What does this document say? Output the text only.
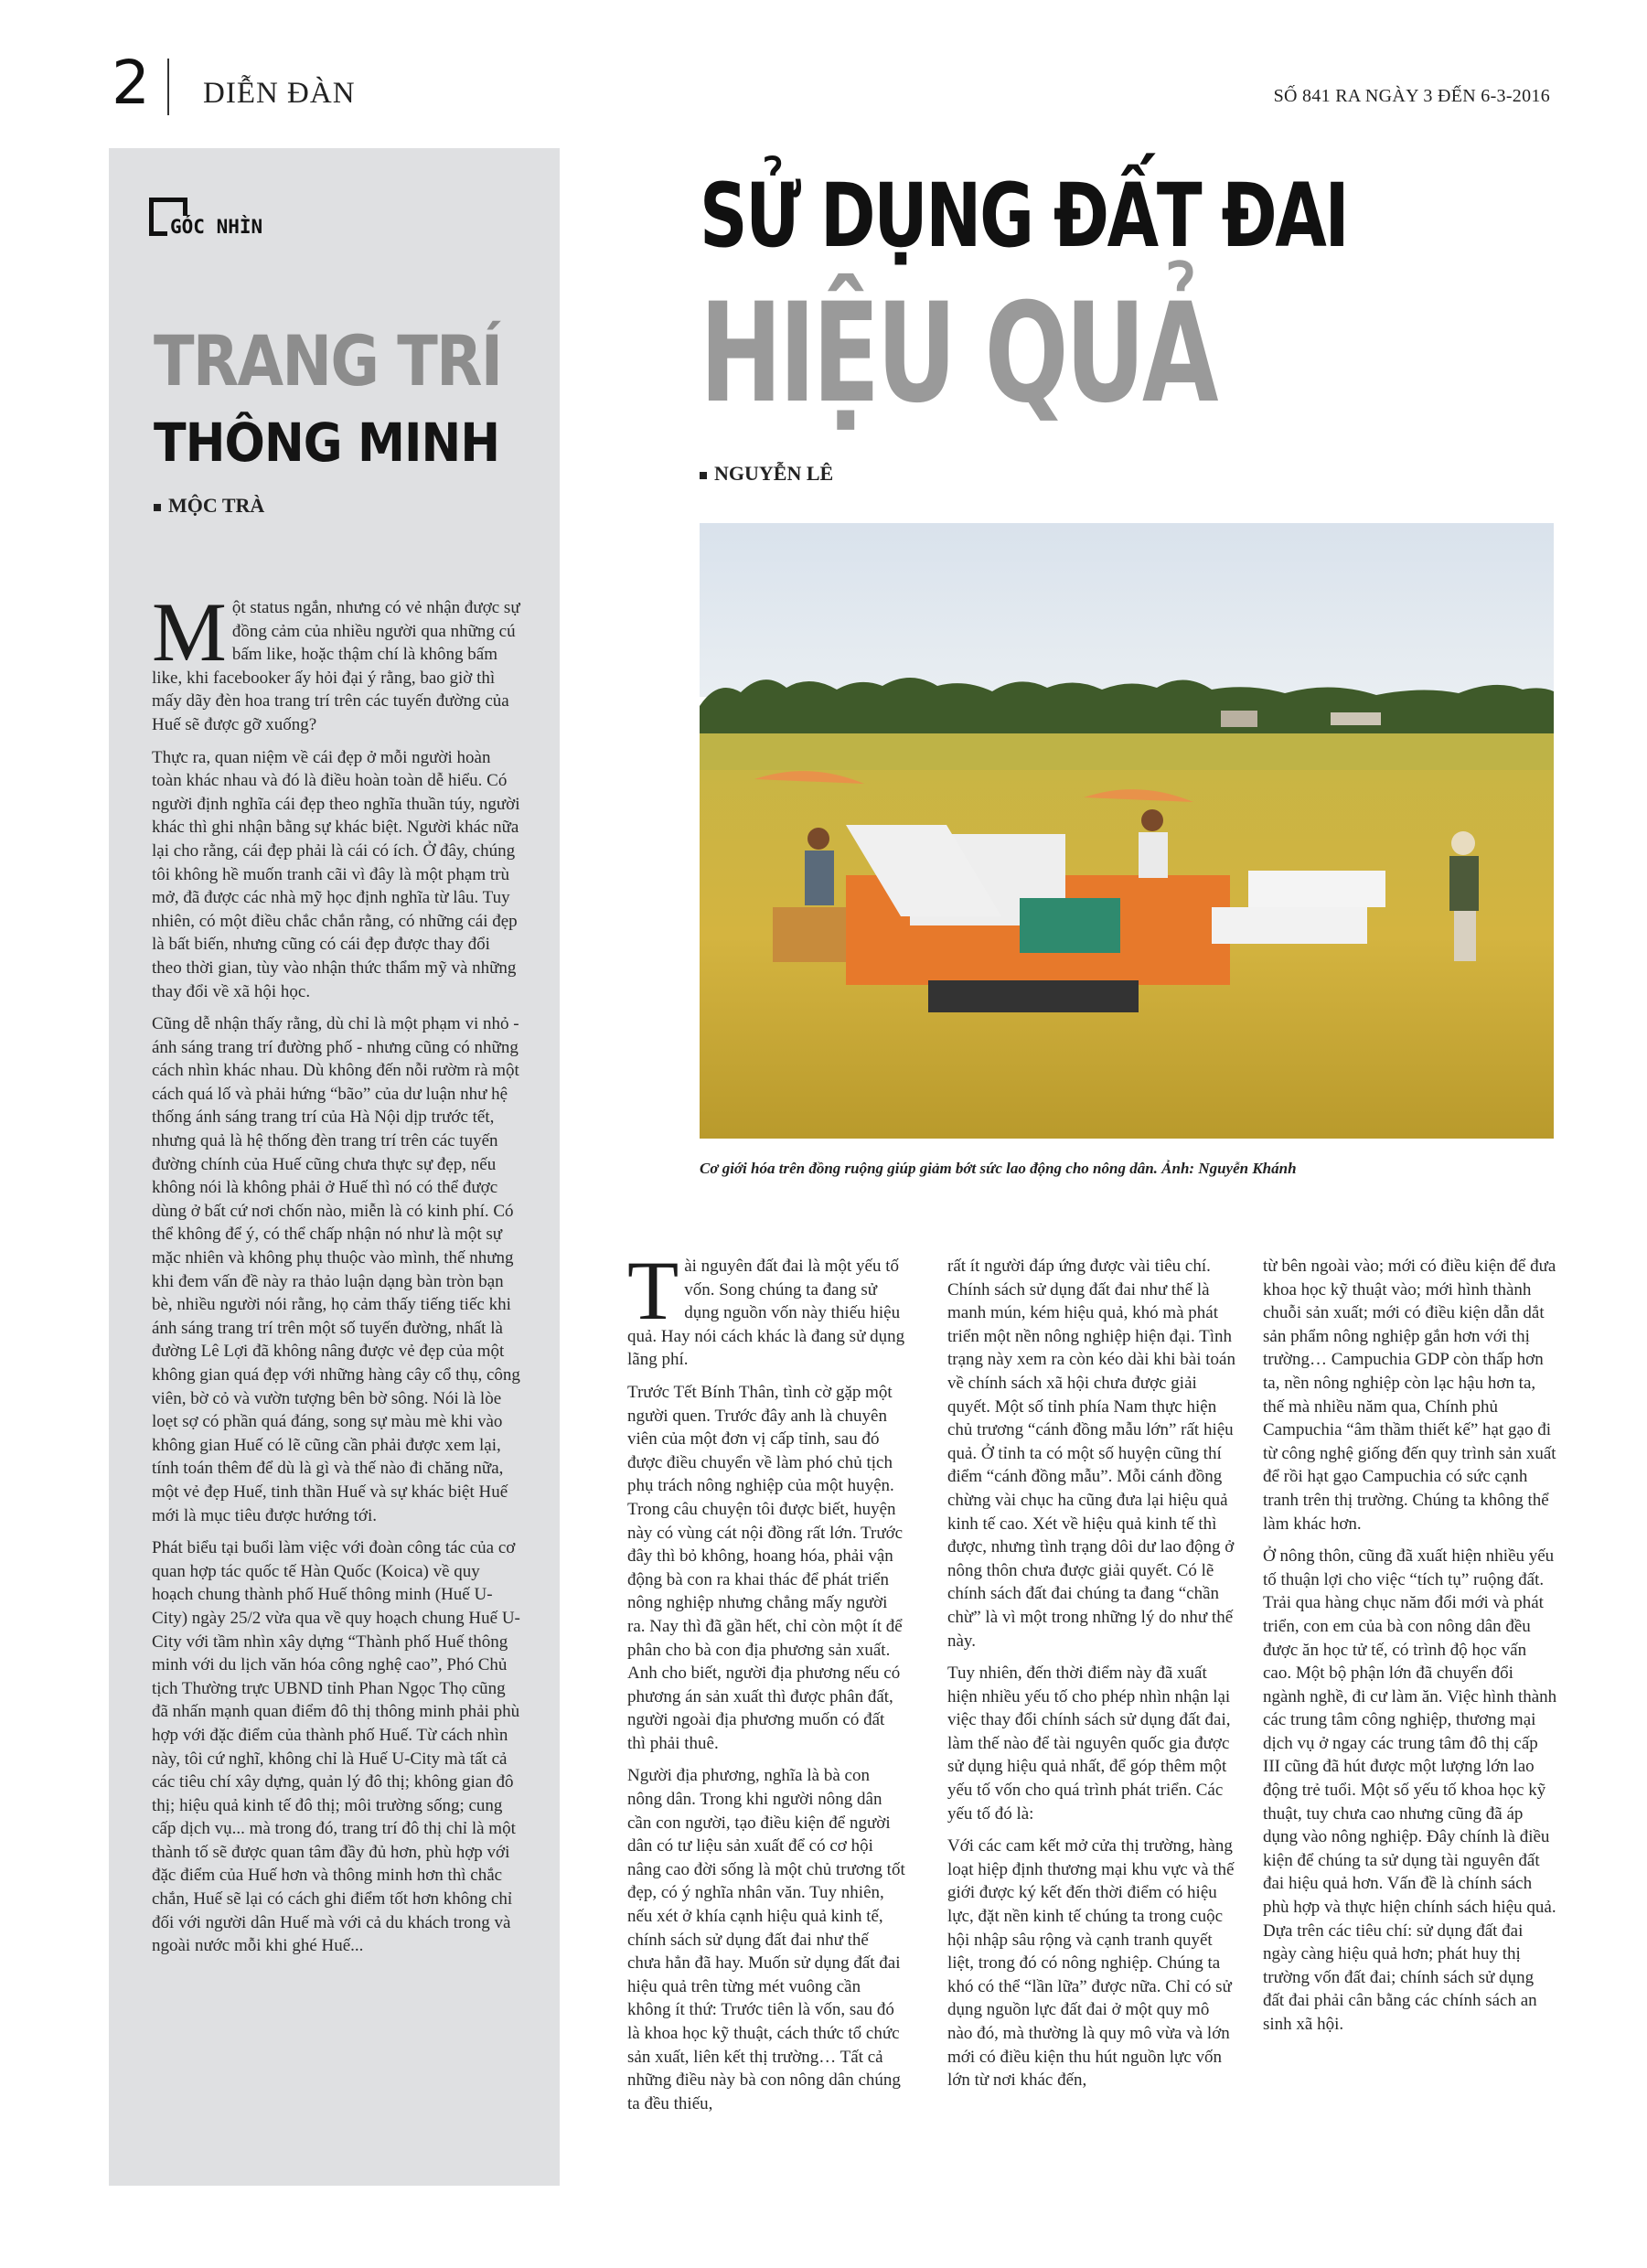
2 DIỄN ĐÀN	SỐ 841 RA NGÀY 3 ĐẾN 6-3-2016
GÓC NHÌN
TRANG TRÍ
THÔNG MINH
MỘC TRÀ

Một status ngắn, nhưng có vẻ nhận được sự đồng cảm của nhiều người qua những cú bấm like, hoặc thậm chí là không bấm like, khi facebooker ấy hỏi đại ý rằng, bao giờ thì mấy dãy đèn hoa trang trí trên các tuyến đường của Huế sẽ được gỡ xuống?

Thực ra, quan niệm về cái đẹp ở mỗi người hoàn toàn khác nhau và đó là điều hoàn toàn dễ hiểu. Có người định nghĩa cái đẹp theo nghĩa thuần túy, người khác thì ghi nhận bằng sự khác biệt. Người khác nữa lại cho rằng, cái đẹp phải là cái có ích. Ở đây, chúng tôi không hề muốn tranh cãi vì đây là một phạm trù mở, đã được các nhà mỹ học định nghĩa từ lâu. Tuy nhiên, có một điều chắc chắn rằng, có những cái đẹp là bất biến, nhưng cũng có cái đẹp được thay đổi theo thời gian, tùy vào nhận thức thẩm mỹ và những thay đổi về xã hội học.

Cũng dễ nhận thấy rằng, dù chỉ là một phạm vi nhỏ - ánh sáng trang trí đường phố - nhưng cũng có những cách nhìn khác nhau. Dù không đến nỗi rườm rà một cách quá lố và phải hứng “bão” của dư luận như hệ thống ánh sáng trang trí của Hà Nội dịp trước tết, nhưng quả là hệ thống đèn trang trí trên các tuyến đường chính của Huế cũng chưa thực sự đẹp, nếu không nói là không phải ở Huế thì nó có thể được dùng ở bất cứ nơi chốn nào, miễn là có kinh phí. Có thể không để ý, có thể chấp nhận nó như là một sự mặc nhiên và không phụ thuộc vào mình, thế nhưng khi đem vấn đề này ra thảo luận dạng bàn tròn bạn bè, nhiều người nói rằng, họ cảm thấy tiếng tiếc khi ánh sáng trang trí trên một số tuyến đường, nhất là đường Lê Lợi đã không nâng được vẻ đẹp của một không gian quá đẹp với những hàng cây cổ thụ, công viên, bờ cỏ và vườn tượng bên bờ sông. Nói là lòe loẹt sợ có phần quá đáng, song sự màu mè khi vào không gian Huế có lẽ cũng cần phải được xem lại, tính toán thêm để dù là gì và thế nào đi chăng nữa, một vẻ đẹp Huế, tinh thần Huế và sự khác biệt Huế mới là mục tiêu được hướng tới.

Phát biểu tại buổi làm việc với đoàn công tác của cơ quan hợp tác quốc tế Hàn Quốc (Koica) về quy hoạch chung thành phố Huế thông minh (Huế U-City) ngày 25/2 vừa qua về quy hoạch chung Huế U-City với tầm nhìn xây dựng “Thành phố Huế thông minh với du lịch văn hóa công nghệ cao”, Phó Chủ tịch Thường trực UBND tỉnh Phan Ngọc Thọ cũng đã nhấn mạnh quan điểm đô thị thông minh phải phù hợp với đặc điểm của thành phố Huế. Từ cách nhìn này, tôi cứ nghĩ, không chỉ là Huế U-City mà tất cả các tiêu chí xây dựng, quản lý đô thị; không gian đô thị; hiệu quả kinh tế đô thị; môi trường sống; cung cấp dịch vụ... mà trong đó, trang trí đô thị chỉ là một thành tố sẽ được quan tâm đầy đủ hơn, phù hợp với đặc điểm của Huế hơn và thông minh hơn thì chắc chắn, Huế sẽ lại có cách ghi điểm tốt hơn không chỉ đối với người dân Huế mà với cả du khách trong và ngoài nước mỗi khi ghé Huế...

SỬ DỤNG ĐẤT ĐAI
HIỆU QUẢ
NGUYỄN LÊ
Cơ giới hóa trên đồng ruộng giúp giảm bớt sức lao động cho nông dân. Ảnh: Nguyễn Khánh

Tài nguyên đất đai là một yếu tố vốn. Song chúng ta đang sử dụng nguồn vốn này thiếu hiệu quả. Hay nói cách khác là đang sử dụng lãng phí.

Trước Tết Bính Thân, tình cờ gặp một người quen. Trước đây anh là chuyên viên của một đơn vị cấp tỉnh, sau đó được điều chuyển về làm phó chủ tịch phụ trách nông nghiệp của một huyện. Trong câu chuyện tôi được biết, huyện này có vùng cát nội đồng rất lớn. Trước đây thì bỏ không, hoang hóa, phải vận động bà con ra khai thác để phát triển nông nghiệp nhưng chẳng mấy người ra. Nay thì đã gần hết, chỉ còn một ít để phân cho bà con địa phương sản xuất. Anh cho biết, người địa phương nếu có phương án sản xuất thì được phân đất, người ngoài địa phương muốn có đất thì phải thuê.

Người địa phương, nghĩa là bà con nông dân. Trong khi người nông dân cần con người, tạo điều kiện để người dân có tư liệu sản xuất để có cơ hội nâng cao đời sống là một chủ trương tốt đẹp, có ý nghĩa nhân văn. Tuy nhiên, nếu xét ở khía cạnh hiệu quả kinh tế, chính sách sử dụng đất đai như thế chưa hẳn đã hay. Muốn sử dụng đất đai hiệu quả trên từng mét vuông cần không ít thứ: Trước tiên là vốn, sau đó là khoa học kỹ thuật, cách thức tổ chức sản xuất, liên kết thị trường… Tất cả những điều này bà con nông dân chúng ta đều thiếu,

rất ít người đáp ứng được vài tiêu chí. Chính sách sử dụng đất đai như thế là manh mún, kém hiệu quả, khó mà phát triển một nền nông nghiệp hiện đại. Tình trạng này xem ra còn kéo dài khi bài toán về chính sách xã hội chưa được giải quyết. Một số tỉnh phía Nam thực hiện chủ trương “cánh đồng mẫu lớn” rất hiệu quả. Ở tỉnh ta có một số huyện cũng thí điểm “cánh đồng mẫu”. Mỗi cánh đồng chừng vài chục ha cũng đưa lại hiệu quả kinh tế cao. Xét về hiệu quả kinh tế thì được, nhưng tình trạng dôi dư lao động ở nông thôn chưa được giải quyết. Có lẽ chính sách đất đai chúng ta đang “chần chừ” là vì một trong những lý do như thế này.

Tuy nhiên, đến thời điểm này đã xuất hiện nhiều yếu tố cho phép nhìn nhận lại việc thay đổi chính sách sử dụng đất đai, làm thế nào để tài nguyên quốc gia được sử dụng hiệu quả nhất, để góp thêm một yếu tố vốn cho quá trình phát triển. Các yếu tố đó là:

Với các cam kết mở cửa thị trường, hàng loạt hiệp định thương mại khu vực và thế giới được ký kết đến thời điểm có hiệu lực, đặt nền kinh tế chúng ta trong cuộc hội nhập sâu rộng và cạnh tranh quyết liệt, trong đó có nông nghiệp. Chúng ta khó có thể “lần lữa” được nữa. Chỉ có sử dụng nguồn lực đất đai ở một quy mô nào đó, mà thường là quy mô vừa và lớn mới có điều kiện thu hút nguồn lực vốn lớn từ nơi khác đến,

từ bên ngoài vào; mới có điều kiện để đưa khoa học kỹ thuật vào; mới hình thành chuỗi sản xuất; mới có điều kiện dẫn dắt sản phẩm nông nghiệp gắn hơn với thị trường… Campuchia GDP còn thấp hơn ta, nền nông nghiệp còn lạc hậu hơn ta, thế mà nhiều năm qua, Chính phủ Campuchia “âm thầm thiết kế” hạt gạo đi từ công nghệ giống đến quy trình sản xuất để rồi hạt gạo Campuchia có sức cạnh tranh trên thị trường. Chúng ta không thể làm khác hơn.

Ở nông thôn, cũng đã xuất hiện nhiều yếu tố thuận lợi cho việc “tích tụ” ruộng đất. Trải qua hàng chục năm đổi mới và phát triển, con em của bà con nông dân đều được ăn học tử tế, có trình độ học vấn cao. Một bộ phận lớn đã chuyển đổi ngành nghề, đi cư làm ăn. Việc hình thành các trung tâm công nghiệp, thương mại dịch vụ ở ngay các trung tâm đô thị cấp III cũng đã hút được một lượng lớn lao động trẻ tuổi. Một số yếu tố khoa học kỹ thuật, tuy chưa cao nhưng cũng đã áp dụng vào nông nghiệp. Đây chính là điều kiện để chúng ta sử dụng tài nguyên đất đai hiệu quả hơn. Vấn đề là chính sách phù hợp và thực hiện chính sách hiệu quả. Dựa trên các tiêu chí: sử dụng đất đai ngày càng hiệu quả hơn; phát huy thị trường vốn đất đai; chính sách sử dụng đất đai phải cân bằng các chính sách an sinh xã hội.
